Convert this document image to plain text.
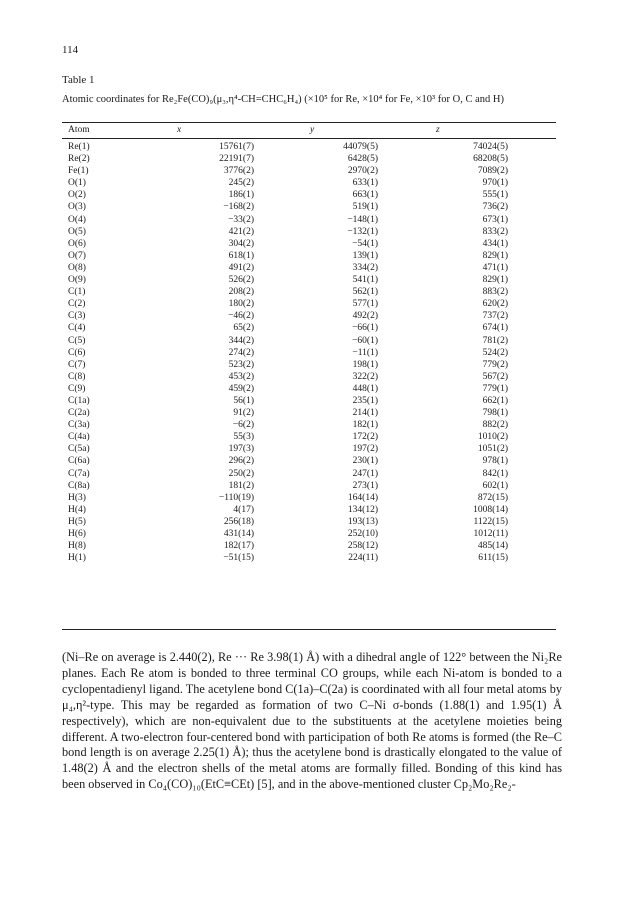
114
Table 1
Atomic coordinates for Re₂Fe(CO)₉(μ₃,η⁴-CH=CHC₆H₄) (×10⁵ for Re, ×10⁴ for Fe, ×10³ for O, C and H)
Atom	x	y	z
Re(1)	15761(7)	44079(5)	74024(5)
Re(2)	22191(7)	6428(5)	68208(5)
Fe(1)	3776(2)	2970(2)	7089(2)
O(1)	245(2)	633(1)	970(1)
O(2)	186(1)	663(1)	555(1)
O(3)	−168(2)	519(1)	736(2)
O(4)	−33(2)	−148(1)	673(1)
O(5)	421(2)	−132(1)	833(2)
O(6)	304(2)	−54(1)	434(1)
O(7)	618(1)	139(1)	829(1)
O(8)	491(2)	334(2)	471(1)
O(9)	526(2)	541(1)	829(1)
C(1)	208(2)	562(1)	883(2)
C(2)	180(2)	577(1)	620(2)
C(3)	−46(2)	492(2)	737(2)
C(4)	65(2)	−66(1)	674(1)
C(5)	344(2)	−60(1)	781(2)
C(6)	274(2)	−11(1)	524(2)
C(7)	523(2)	198(1)	779(2)
C(8)	453(2)	322(2)	567(2)
C(9)	459(2)	448(1)	779(1)
C(1a)	56(1)	235(1)	662(1)
C(2a)	91(2)	214(1)	798(1)
C(3a)	−6(2)	182(1)	882(2)
C(4a)	55(3)	172(2)	1010(2)
C(5a)	197(3)	197(2)	1051(2)
C(6a)	296(2)	230(1)	978(1)
C(7a)	250(2)	247(1)	842(1)
C(8a)	181(2)	273(1)	602(1)
H(3)	−110(19)	164(14)	872(15)
H(4)	4(17)	134(12)	1008(14)
H(5)	256(18)	193(13)	1122(15)
H(6)	431(14)	252(10)	1012(11)
H(8)	182(17)	258(12)	485(14)
H(1)	−51(15)	224(11)	611(15)

(Ni–Re on average is 2.440(2), Re ··· Re 3.98(1) Å) with a dihedral angle of 122° between the Ni₂Re planes. Each Re atom is bonded to three terminal CO groups, while each Ni-atom is bonded to a cyclopentadienyl ligand. The acetylene bond C(1a)–C(2a) is coordinated with all four metal atoms by μ₄,η²-type. This may be regarded as formation of two C–Ni σ-bonds (1.88(1) and 1.95(1) Å respectively), which are non-equivalent due to the substituents at the acetylene moieties being different. A two-electron four-centered bond with participation of both Re atoms is formed (the Re–C bond length is on average 2.25(1) Å); thus the acetylene bond is drastically elongated to the value of 1.48(2) Å and the electron shells of the metal atoms are formally filled. Bonding of this kind has been observed in Co₄(CO)₁₀(EtC≡CEt) [5], and in the above-mentioned cluster Cp₂Mo₂Re₂-
